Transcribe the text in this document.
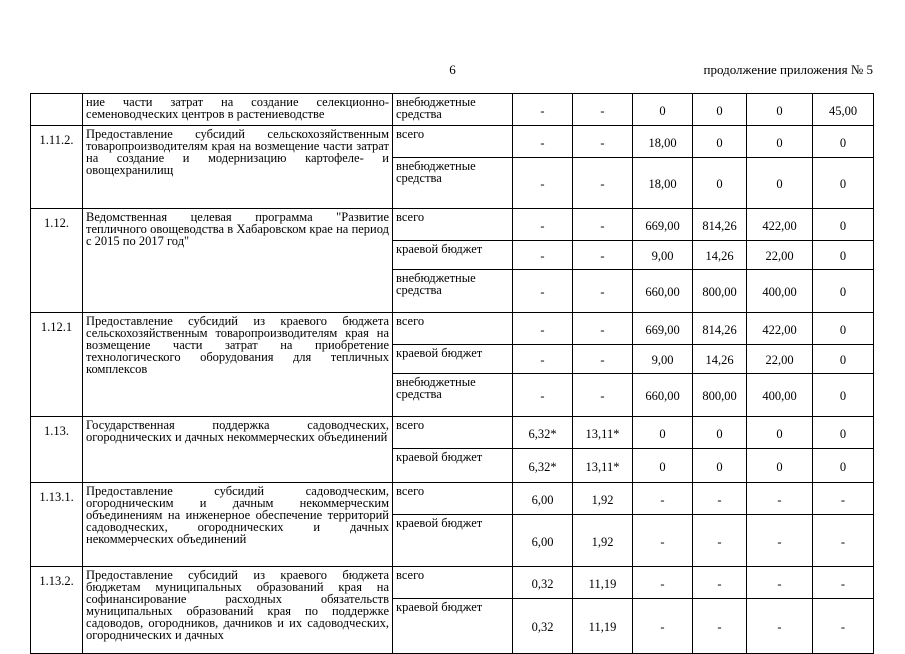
6	продолжение приложения № 5
	ние части затрат на создание селекционно-семеноводческих центров в растениеводстве	внебюджетные средства	-	-	0	0	0	45,00
1.11.2.	Предоставление субсидий сельскохозяйственным товаропроизводителям края на возмещение части затрат на создание и модернизацию картофеле- и овощехранилищ	всего	-	-	18,00	0	0	0
		внебюджетные средства	-	-	18,00	0	0	0
1.12.	Ведомственная целевая программа "Развитие тепличного овощеводства в Хабаровском крае на период с 2015 по 2017 год"	всего	-	-	669,00	814,26	422,00	0
		краевой бюджет	-	-	9,00	14,26	22,00	0
		внебюджетные средства	-	-	660,00	800,00	400,00	0
1.12.1	Предоставление субсидий из краевого бюджета сельскохозяйственным товаропроизводителям края на возмещение части затрат на приобретение технологического оборудования для тепличных комплексов	всего	-	-	669,00	814,26	422,00	0
		краевой бюджет	-	-	9,00	14,26	22,00	0
		внебюджетные средства	-	-	660,00	800,00	400,00	0
1.13.	Государственная поддержка садоводческих, огороднических и дачных некоммерческих объединений	всего	6,32*	13,11*	0	0	0	0
		краевой бюджет	6,32*	13,11*	0	0	0	0
1.13.1.	Предоставление субсидий садоводческим, огородническим и дачным некоммерческим объединениям на инженерное обеспечение территорий садоводческих, огороднических и дачных некоммерческих объединений	всего	6,00	1,92	-	-	-	-
		краевой бюджет	6,00	1,92	-	-	-	-
1.13.2.	Предоставление субсидий из краевого бюджета бюджетам муниципальных образований края на софинансирование расходных обязательств муниципальных образований края по поддержке садоводов, огородников, дачников и их садоводческих, огороднических и дачных	всего	0,32	11,19	-	-	-	-
		краевой бюджет	0,32	11,19	-	-	-	-
